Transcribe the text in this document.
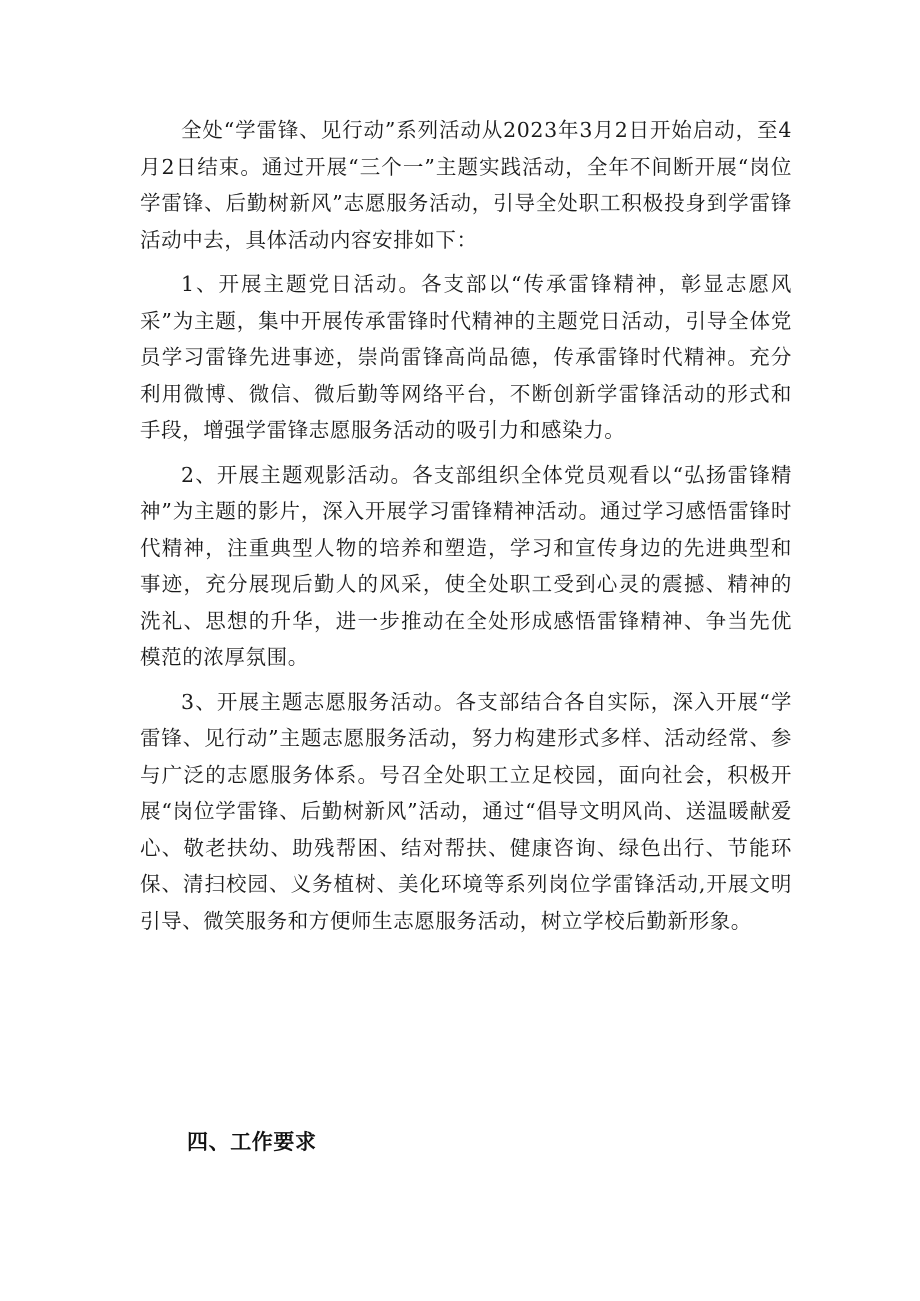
全处“学雷锋、见行动”系列活动从2023年3月2日开始启动，至4月2日结束。通过开展“三个一”主题实践活动，全年不间断开展“岗位学雷锋、后勤树新风”志愿服务活动，引导全处职工积极投身到学雷锋活动中去，具体活动内容安排如下：

1、开展主题党日活动。各支部以“传承雷锋精神，彰显志愿风采”为主题，集中开展传承雷锋时代精神的主题党日活动，引导全体党员学习雷锋先进事迹，崇尚雷锋高尚品德，传承雷锋时代精神。充分利用微博、微信、微后勤等网络平台，不断创新学雷锋活动的形式和手段，增强学雷锋志愿服务活动的吸引力和感染力。

2、开展主题观影活动。各支部组织全体党员观看以“弘扬雷锋精神”为主题的影片，深入开展学习雷锋精神活动。通过学习感悟雷锋时代精神，注重典型人物的培养和塑造，学习和宣传身边的先进典型和事迹，充分展现后勤人的风采，使全处职工受到心灵的震撼、精神的洗礼、思想的升华，进一步推动在全处形成感悟雷锋精神、争当先优模范的浓厚氛围。

3、开展主题志愿服务活动。各支部结合各自实际，深入开展“学雷锋、见行动”主题志愿服务活动，努力构建形式多样、活动经常、参与广泛的志愿服务体系。号召全处职工立足校园，面向社会，积极开展“岗位学雷锋、后勤树新风”活动，通过“倡导文明风尚、送温暖献爱心、敬老扶幼、助残帮困、结对帮扶、健康咨询、绿色出行、节能环保、清扫校园、义务植树、美化环境等系列岗位学雷锋活动,开展文明引导、微笑服务和方便师生志愿服务活动，树立学校后勤新形象。

四、工作要求
